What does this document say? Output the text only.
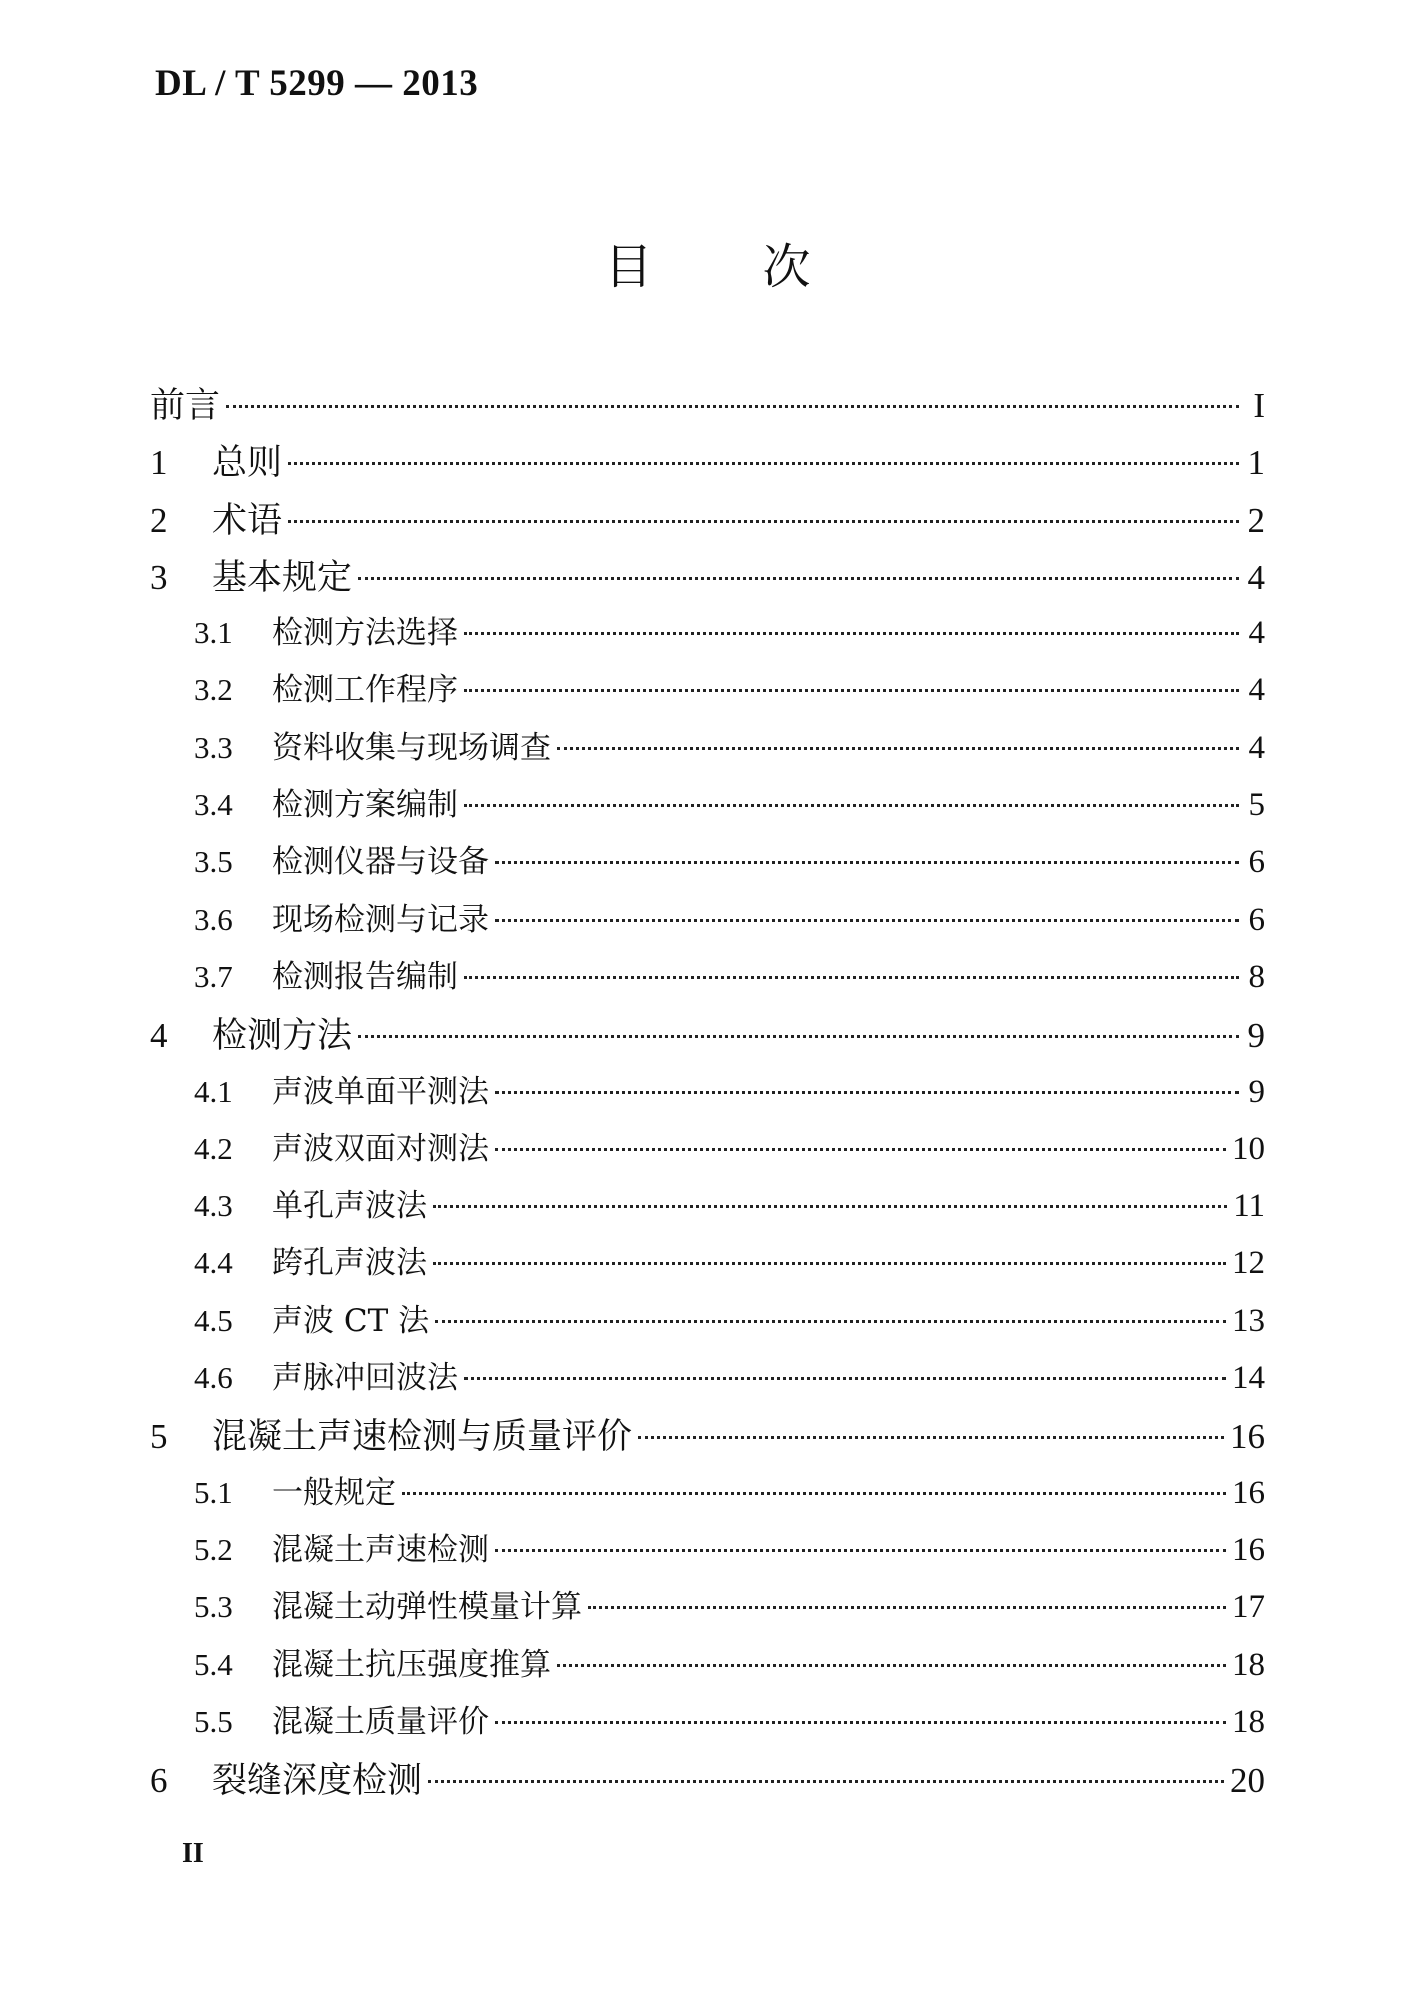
DL / T 5299 — 2013
目 次
前言	I
1	总则	1
2	术语	2
3	基本规定	4
3.1	检测方法选择	4
3.2	检测工作程序	4
3.3	资料收集与现场调查	4
3.4	检测方案编制	5
3.5	检测仪器与设备	6
3.6	现场检测与记录	6
3.7	检测报告编制	8
4	检测方法	9
4.1	声波单面平测法	9
4.2	声波双面对测法	10
4.3	单孔声波法	11
4.4	跨孔声波法	12
4.5	声波 CT 法	13
4.6	声脉冲回波法	14
5	混凝土声速检测与质量评价	16
5.1	一般规定	16
5.2	混凝土声速检测	16
5.3	混凝土动弹性模量计算	17
5.4	混凝土抗压强度推算	18
5.5	混凝土质量评价	18
6	裂缝深度检测	20
II
